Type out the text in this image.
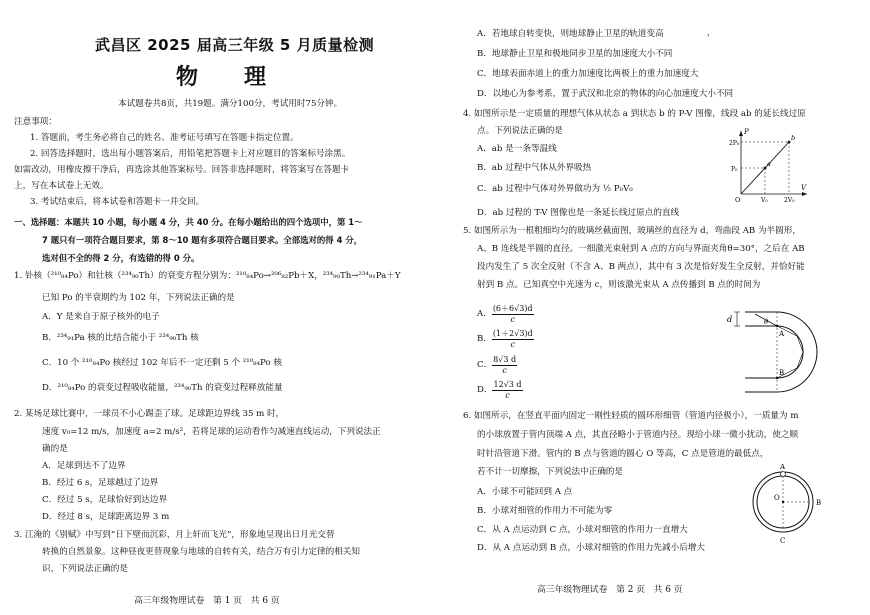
武昌区 2025 届高三年级 5 月质量检测
物　理
本试题卷共8页，共19题。满分100分，考试用时75分钟。
注意事项：
1. 答题前，考生务必将自己的姓名、准考证号填写在答题卡指定位置。
2. 回答选择题时，选出每小题答案后，用铅笔把答题卡上对应题目的答案标号涂黑。
如需改动，用橡皮擦干净后，再选涂其他答案标号。回答非选择题时，将答案写在答题卡
上，写在本试卷上无效。
3. 考试结束后，将本试卷和答题卡一并交回。
一、选择题：本题共 10 小题，每小题 4 分，共 40 分。在每小题给出的四个选项中，第 1～
7 题只有一项符合题目要求，第 8～10 题有多项符合题目要求。全部选对的得 4 分，
选对但不全的得 2 分，有选错的得 0 分。
1. 钋核（²¹⁰₈₄Po）和钍核（²³⁴₉₀Th）的衰变方程分别为：²¹⁰₈₄Po→²⁰⁶₈₂Pb＋X，²³⁴₉₀Th→²³⁴₉₁Pa＋Y
已知 Po 的半衰期约为 102 年，下列说法正确的是
A．Y 是来自于原子核外的电子
B．²³⁴₉₁Pa 核的比结合能小于 ²³⁴₉₀Th 核
C．10 个 ²¹⁰₈₄Po 核经过 102 年后不一定还剩 5 个 ²¹⁰₈₄Po 核
D．²¹⁰₈₄Po 的衰变过程吸收能量，²³⁴₉₀Th 的衰变过程释放能量
2. 某场足球比赛中，一球员不小心踢歪了球。足球距边界线 35 m 时，
速度 v₀=12 m/s，加速度 a=2 m/s²，若将足球的运动看作匀减速直线运动，下列说法正
确的是
A．足球到达不了边界
B．经过 6 s，足球越过了边界
C．经过 5 s，足球恰好到达边界
D．经过 8 s，足球距离边界 3 m
3. 江淹的《别赋》中写到“日下壁而沉彩，月上轩而飞光”，形象地呈现出日月光交替
转换的自然景象。这种昼夜更替现象与地球的自转有关，结合万有引力定律的相关知
识，下列说法正确的是
高三年级物理试卷　第 1 页　共 6 页
，
A．若地球自转变快，则地球静止卫星的轨道变高
B．地球静止卫星和极地同步卫星的加速度大小不同
C．地球表面赤道上的重力加速度比两极上的重力加速度大
D．以地心为参考系，置于武汉和北京的物体的向心加速度大小不同
4. 如图所示是一定质量的理想气体从状态 a 到状态 b 的 P-V 图像，线段 ab 的延长线过原
点。下列说法正确的是
A．ab 是一条等温线
B．ab 过程中气体从外界吸热
C．ab 过程中气体对外界做功为 ½ P₀V₀
D．ab 过程的 T-V 图像也是一条延长线过原点的直线
P
V
O
2P₀
P₀
V₀	2V₀
a
b
5. 如图所示为一根粗细均匀的玻璃丝截面图，玻璃丝的直径为 d，弯曲段 AB 为半圆形，
A、B 连线是半圆的直径。一细激光束射到 A 点的方向与界面夹角θ=30°，之后在 AB
段内发生了 5 次全反射（不含 A、B 两点），其中有 3 次是恰好发生全反射，并恰好能
射到 B 点。已知真空中光速为 c，则该激光束从 A 点传播到 B 点的时间为
A． $\frac{(6+6√3)d}{c}$
B． $\frac{(1+2√3)d}{c}$
C． $\frac{8√3 d}{c}$
D． $\frac{12√3 d}{c}$
d	θ
A
B
6. 如图所示，在竖直平面内固定一刚性轻质的圆环形细管（管道内径极小），一质量为 m
的小球放置于管内顶端 A 点，其直径略小于管道内径。现给小球一微小扰动，使之顺
时针沿管道下滑。管内的 B 点与管道的圆心 O 等高，C 点是管道的最低点，
若不计一切摩擦，下列说法中正确的是
A．小球不可能回到 A 点
B．小球对细管的作用力不可能为零
C．从 A 点运动到 C 点，小球对细管的作用力一直增大
D．从 A 点运动到 B 点，小球对细管的作用力先减小后增大
A
B
C
O
高三年级物理试卷　第 2 页　共 6 页
